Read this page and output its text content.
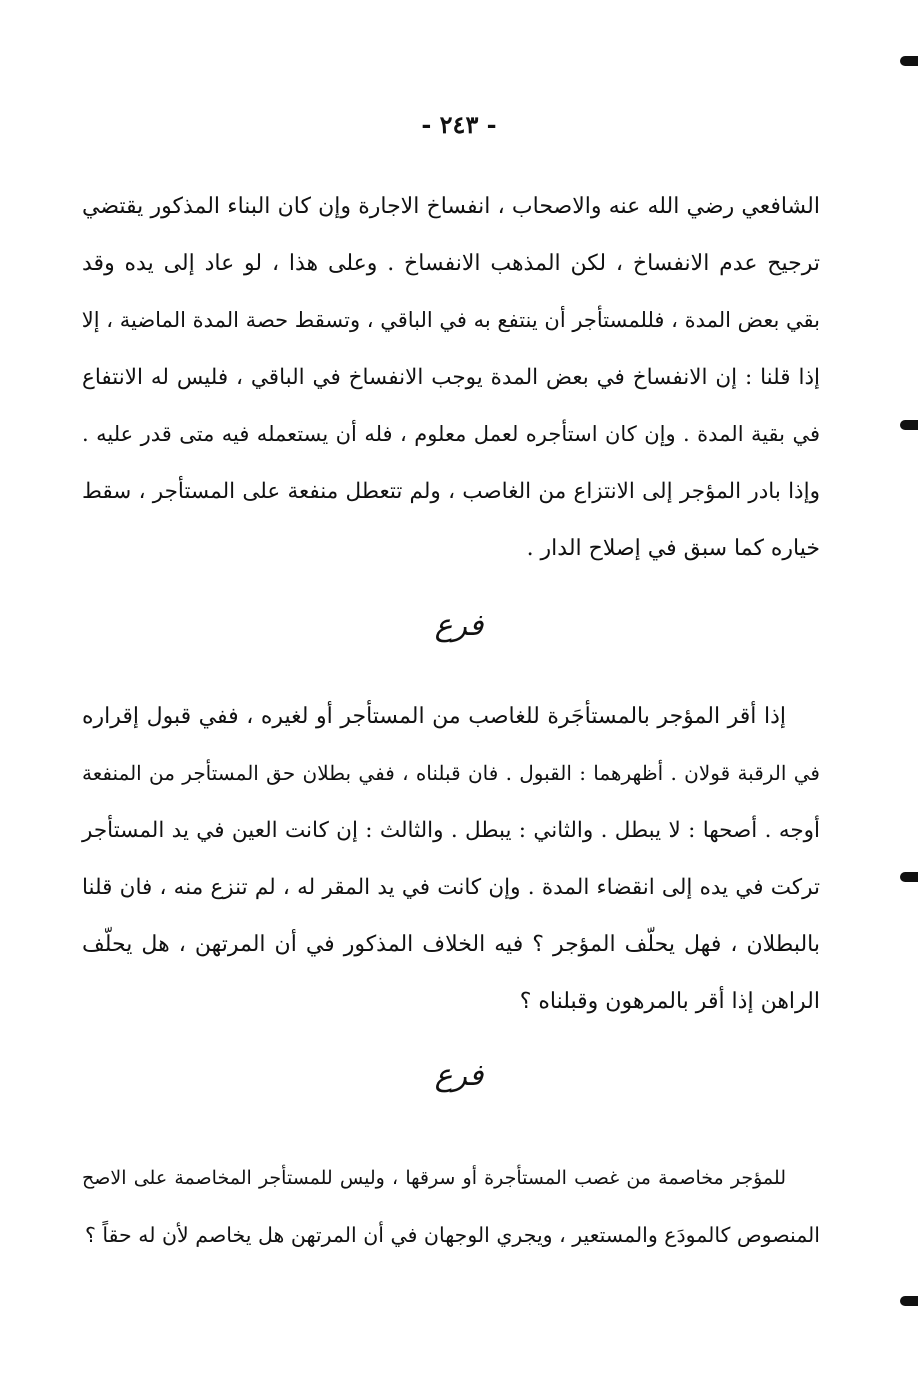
- ٢٤٣ -
الشافعي رضي الله عنه والاصحاب ، انفساخ الاجارة وإن كان البناء المذكور يقتضي
ترجيح عدم الانفساخ ، لكن المذهب الانفساخ . وعلى هذا ، لو عاد إلى يده وقد
بقي بعض المدة ، فللمستأجر أن ينتفع به في الباقي ، وتسقط حصة المدة الماضية ، إلا
إذا قلنا : إن الانفساخ في بعض المدة يوجب الانفساخ في الباقي ، فليس له الانتفاع
في بقية المدة . وإن كان استأجره لعمل معلوم ، فله أن يستعمله فيه متى قدر عليه .
وإذا بادر المؤجر إلى الانتزاع من الغاصب ، ولم تتعطل منفعة على المستأجر ، سقط
خياره كما سبق في إصلاح الدار .
فرع
إذا أقر المؤجر بالمستأجَرة للغاصب من المستأجر أو لغيره ، ففي قبول إقراره
في الرقبة قولان . أظهرهما : القبول . فان قبلناه ، ففي بطلان حق المستأجر من المنفعة
أوجه . أصحها : لا يبطل . والثاني : يبطل . والثالث : إن كانت العين في يد المستأجر
تركت في يده إلى انقضاء المدة . وإن كانت في يد المقر له ، لم تنزع منه ، فان قلنا
بالبطلان ، فهل يحلّف المؤجر ؟ فيه الخلاف المذكور في أن المرتهن ، هل يحلّف
الراهن إذا أقر بالمرهون وقبلناه ؟
فرع
للمؤجر مخاصمة من غصب المستأجرة أو سرقها ، وليس للمستأجر المخاصمة على الاصح
المنصوص كالمودَع والمستعير ، ويجري الوجهان في أن المرتهن هل يخاصم لأن له حقاً ؟
